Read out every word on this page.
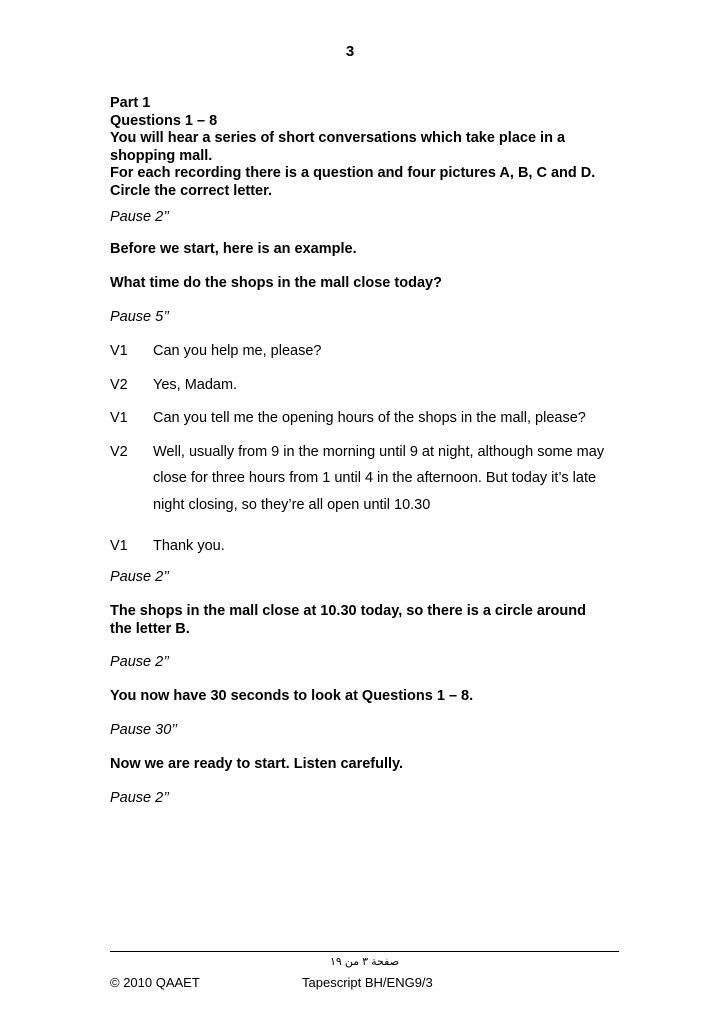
3
Part 1
Questions 1 – 8
You will hear a series of short conversations which take place in a
shopping mall.
For each recording there is a question and four pictures A, B, C and D.
Circle the correct letter.
Pause 2’’
Before we start, here is an example.
What time do the shops in the mall close today?
Pause 5’’
V1 Can you help me, please?
V2 Yes, Madam.
V1 Can you tell me the opening hours of the shops in the mall, please?
V2 Well, usually from 9 in the morning until 9 at night, although some may
close for three hours from 1 until 4 in the afternoon. But today it’s late
night closing, so they’re all open until 10.30
V1 Thank you.
Pause 2’’
The shops in the mall close at 10.30 today, so there is a circle around
the letter B.
Pause 2’’
You now have 30 seconds to look at Questions 1 – 8.
Pause 30’’
Now we are ready to start. Listen carefully.
Pause 2’’
صفحة ٣ من ١٩
© 2010 QAAET	Tapescript BH/ENG9/3
